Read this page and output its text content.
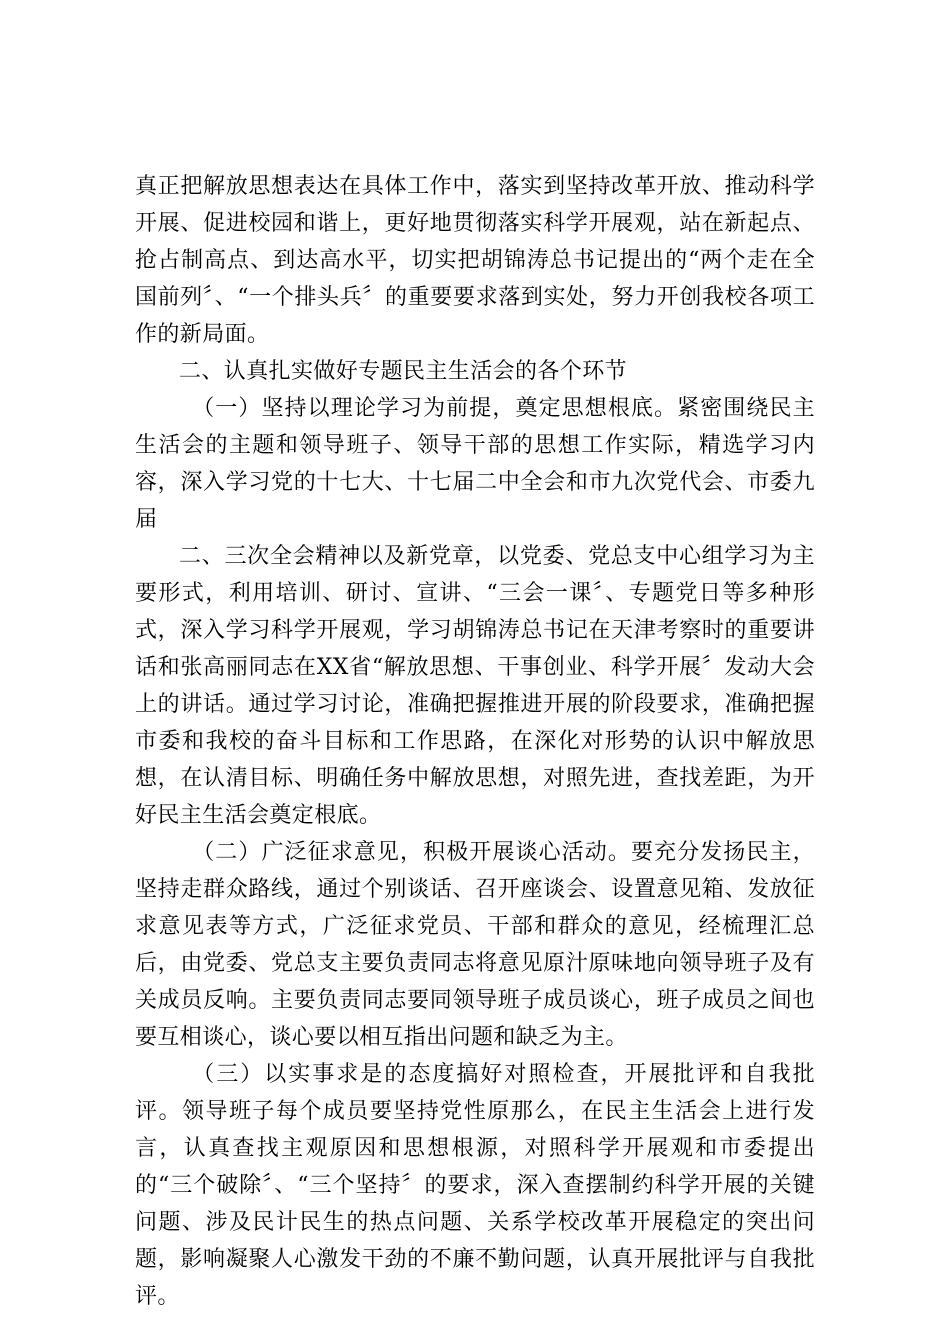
真正把解放思想表达在具体工作中，落实到坚持改革开放、推动科学开展、促进校园和谐上，更好地贯彻落实科学开展观，站在新起点、抢占制高点、到达高水平，切实把胡锦涛总书记提出的“两个走在全国前列〞、“一个排头兵〞的重要要求落到实处，努力开创我校各项工作的新局面。

二、认真扎实做好专题民主生活会的各个环节

（一）坚持以理论学习为前提，奠定思想根底。紧密围绕民主生活会的主题和领导班子、领导干部的思想工作实际，精选学习内容，深入学习党的十七大、十七届二中全会和市九次党代会、市委九届

二、三次全会精神以及新党章，以党委、党总支中心组学习为主要形式，利用培训、研讨、宣讲、“三会一课〞、专题党日等多种形式，深入学习科学开展观，学习胡锦涛总书记在天津考察时的重要讲话和张高丽同志在XX省“解放思想、干事创业、科学开展〞发动大会上的讲话。通过学习讨论，准确把握推进开展的阶段要求，准确把握市委和我校的奋斗目标和工作思路，在深化对形势的认识中解放思想，在认清目标、明确任务中解放思想，对照先进，查找差距，为开好民主生活会奠定根底。

（二）广泛征求意见，积极开展谈心活动。要充分发扬民主，坚持走群众路线，通过个别谈话、召开座谈会、设置意见箱、发放征求意见表等方式，广泛征求党员、干部和群众的意见，经梳理汇总后，由党委、党总支主要负责同志将意见原汁原味地向领导班子及有关成员反响。主要负责同志要同领导班子成员谈心，班子成员之间也要互相谈心，谈心要以相互指出问题和缺乏为主。

（三）以实事求是的态度搞好对照检查，开展批评和自我批评。领导班子每个成员要坚持党性原那么，在民主生活会上进行发言，认真查找主观原因和思想根源，对照科学开展观和市委提出的“三个破除〞、“三个坚持〞的要求，深入查摆制约科学开展的关键问题、涉及民计民生的热点问题、关系学校改革开展稳定的突出问题，影响凝聚人心激发干劲的不廉不勤问题，认真开展批评与自我批评。
